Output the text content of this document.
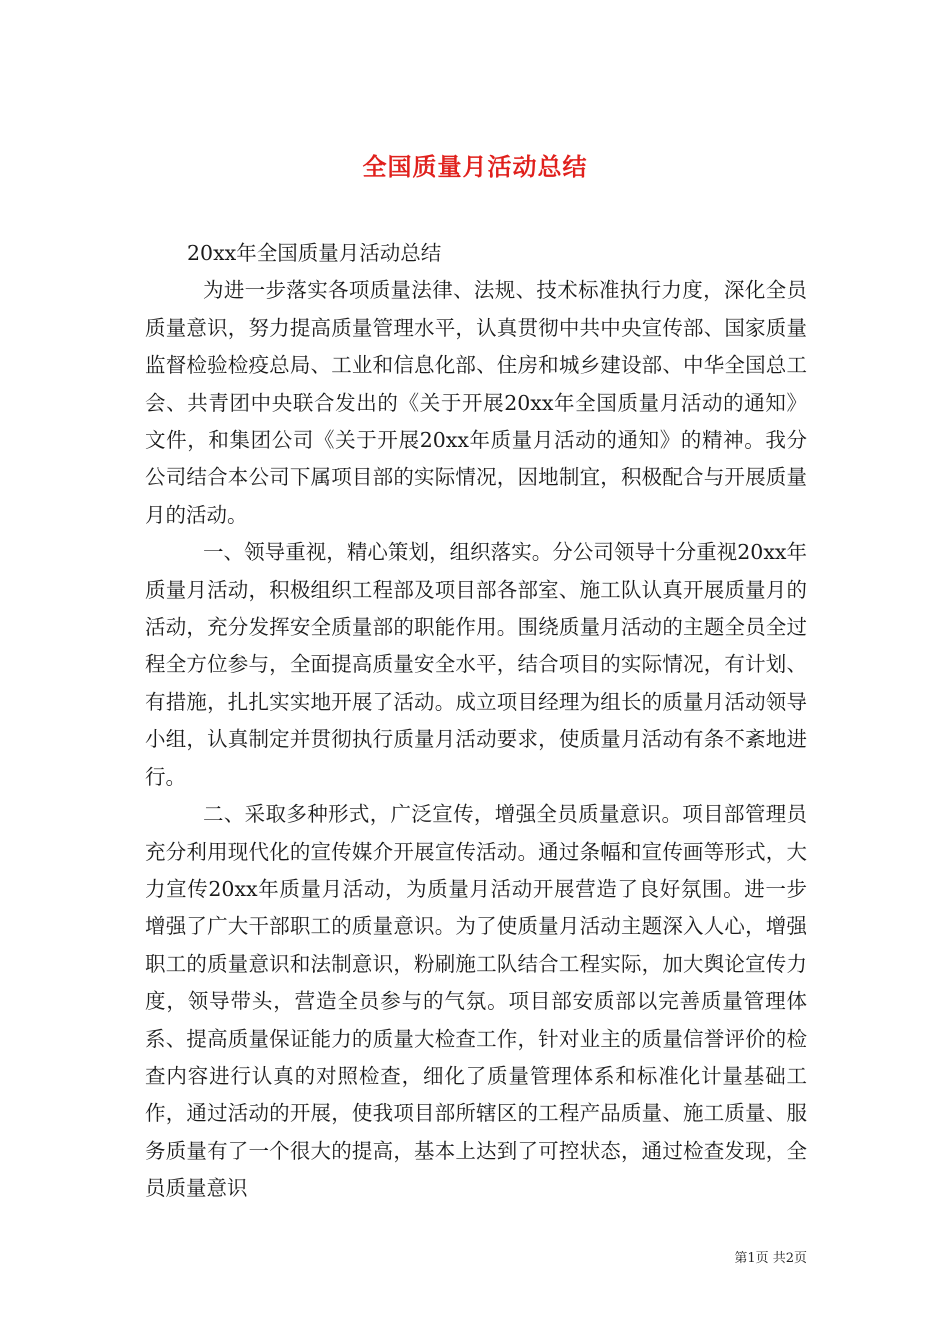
全国质量月活动总结

20xx年全国质量月活动总结

为进一步落实各项质量法律、法规、技术标准执行力度，深化全员质量意识，努力提高质量管理水平，认真贯彻中共中央宣传部、国家质量监督检验检疫总局、工业和信息化部、住房和城乡建设部、中华全国总工会、共青团中央联合发出的《关于开展20xx年全国质量月活动的通知》文件，和集团公司《关于开展20xx年质量月活动的通知》的精神。我分公司结合本公司下属项目部的实际情况，因地制宜，积极配合与开展质量月的活动。

一、领导重视，精心策划，组织落实。分公司领导十分重视20xx年质量月活动，积极组织工程部及项目部各部室、施工队认真开展质量月的活动，充分发挥安全质量部的职能作用。围绕质量月活动的主题全员全过程全方位参与，全面提高质量安全水平，结合项目的实际情况，有计划、有措施，扎扎实实地开展了活动。成立项目经理为组长的质量月活动领导小组，认真制定并贯彻执行质量月活动要求，使质量月活动有条不紊地进行。

二、采取多种形式，广泛宣传，增强全员质量意识。项目部管理员充分利用现代化的宣传媒介开展宣传活动。通过条幅和宣传画等形式，大力宣传20xx年质量月活动，为质量月活动开展营造了良好氛围。进一步增强了广大干部职工的质量意识。为了使质量月活动主题深入人心，增强职工的质量意识和法制意识，粉刷施工队结合工程实际，加大舆论宣传力度，领导带头，营造全员参与的气氛。项目部安质部以完善质量管理体系、提高质量保证能力的质量大检查工作，针对业主的质量信誉评价的检查内容进行认真的对照检查，细化了质量管理体系和标准化计量基础工作，通过活动的开展，使我项目部所辖区的工程产品质量、施工质量、服务质量有了一个很大的提高，基本上达到了可控状态，通过检查发现，全员质量意识

第1页 共2页
